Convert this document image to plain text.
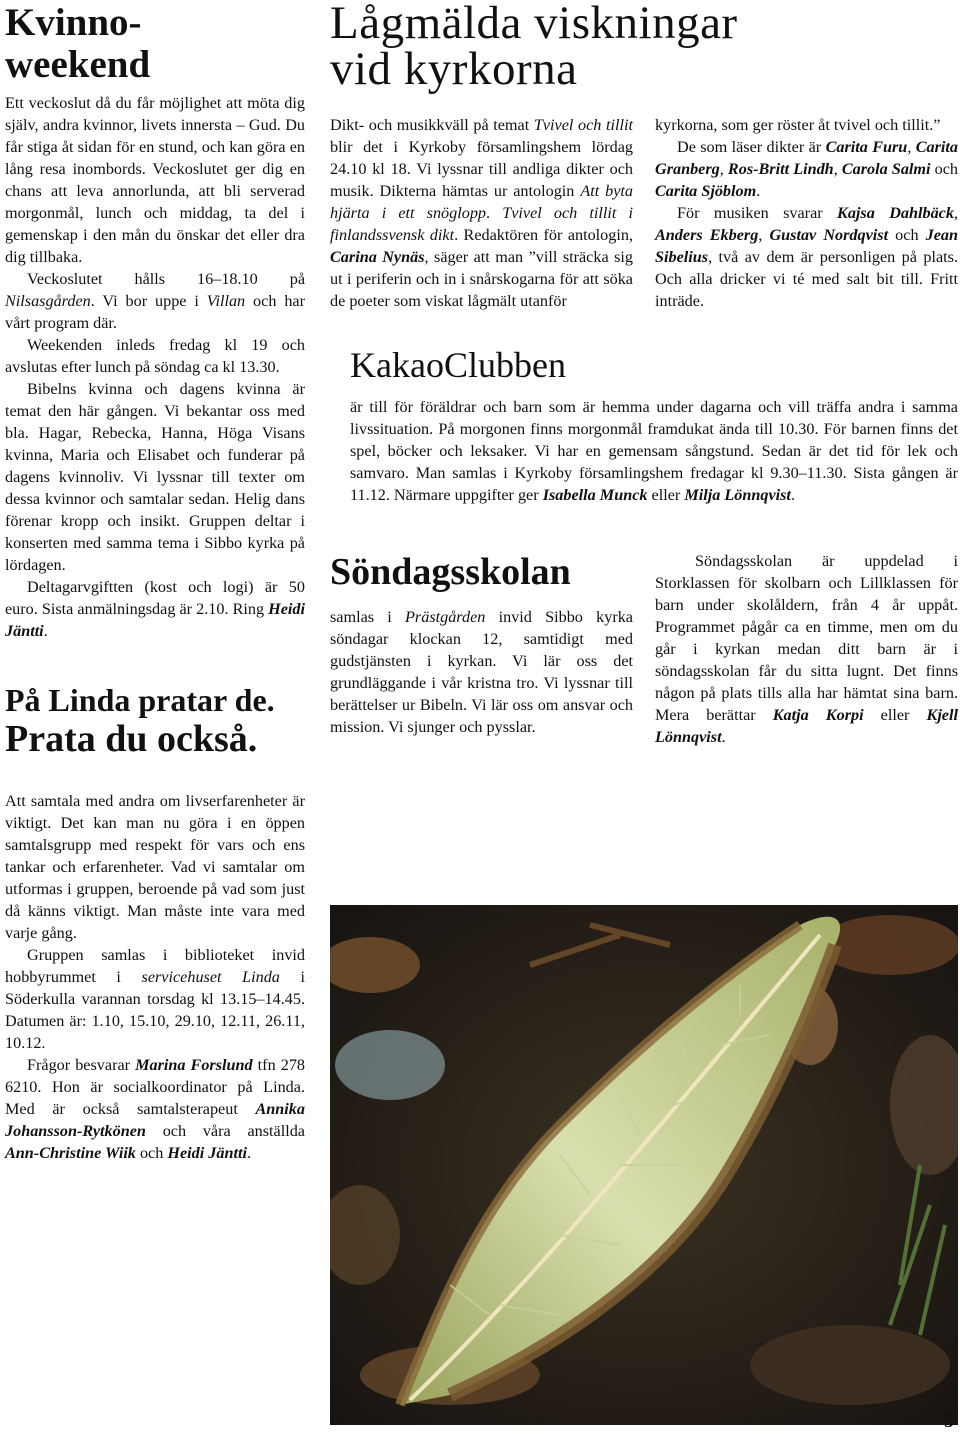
Kvinno-
weekend

Ett veckoslut då du får möjlighet att möta dig själv, andra kvinnor, livets innersta – Gud. Du får stiga åt sidan för en stund, och kan göra en lång resa inombords. Veckoslutet ger dig en chans att leva annorlunda, att bli serverad morgonmål, lunch och middag, ta del i gemenskap i den mån du önskar det eller dra dig tillbaka.

Veckoslutet hålls 16–18.10 på Nilsasgården. Vi bor uppe i Villan och har vårt program där.

Weekenden inleds fredag kl 19 och avslutas efter lunch på söndag ca kl 13.30.

Bibelns kvinna och dagens kvinna är temat den här gången. Vi bekantar oss med bla. Hagar, Rebecka, Hanna, Höga Visans kvinna, Maria och Elisabet och funderar på dagens kvinnoliv. Vi lyssnar till texter om dessa kvinnor och samtalar sedan. Helig dans förenar kropp och insikt. Gruppen deltar i konserten med samma tema i Sibbo kyrka på lördagen.

Deltagarvgiftten (kost och logi) är 50 euro. Sista anmälningsdag är 2.10. Ring Heidi Jäntti.

På Linda pratar de.
Prata du också.

Att samtala med andra om livserfarenheter är viktigt. Det kan man nu göra i en öppen samtalsgrupp med respekt för vars och ens tankar och erfarenheter. Vad vi samtalar om utformas i gruppen, beroende på vad som just då känns viktigt. Man måste inte vara med varje gång.

Gruppen samlas i biblioteket invid hobbyrummet i servicehuset Linda i Söderkulla varannan torsdag kl 13.15–14.45. Datumen är: 1.10, 15.10, 29.10, 12.11, 26.11, 10.12.

Frågor besvarar Marina Forslund tfn 278 6210. Hon är socialkoordinator på Linda. Med är också samtalsterapeut Annika Johansson-Rytkönen och våra anställda Ann-Christine Wiik och Heidi Jäntti.

Lågmälda viskningar
vid kyrkorna

Dikt- och musikkväll på temat Tvivel och tillit blir det i Kyrkoby församlingshem lördag 24.10 kl 18. Vi lyssnar till andliga dikter och musik. Dikterna hämtas ur antologin Att byta hjärta i ett snöglopp. Tvivel och tillit i finlandssvensk dikt. Redaktören för antologin, Carina Nynäs, säger att man ”vill sträcka sig ut i periferin och in i snårskogarna för att söka de poeter som viskat lågmält utanför

kyrkorna, som ger röster åt tvivel och tillit.”

De som läser dikter är Carita Furu, Carita Granberg, Ros-Britt Lindh, Carola Salmi och Carita Sjöblom.

För musiken svarar Kajsa Dahlbäck, Anders Ekberg, Gustav Nordqvist och Jean Sibelius, två av dem är personligen på plats. Och alla dricker vi té med salt bit till. Fritt inträde.

KakaoClubben

är till för föräldrar och barn som är hemma under dagarna och vill träffa andra i samma livssituation. På morgonen finns morgonmål framdukat ända till 10.30. För barnen finns det spel, böcker och leksaker. Vi har en gemensam sångstund. Sedan är det tid för lek och samvaro. Man samlas i Kyrkoby församlingshem fredagar kl 9.30–11.30. Sista gången är 11.12. Närmare uppgifter ger Isabella Munck eller Milja Lönnqvist.

Söndagsskolan

samlas i Prästgården invid Sibbo kyrka söndagar klockan 12, samtidigt med gudstjänsten i kyrkan. Vi lär oss det grundläggande i vår kristna tro. Vi lyssnar till berättelser ur Bibeln. Vi lär oss om ansvar och mission. Vi sjunger och pysslar.

Söndagsskolan är uppdelad i Storklassen för skolbarn och Lillklassen för barn under skolåldern, från 4 år uppåt. Programmet pågår ca en timme, men om du går i kyrkan medan ditt barn är i söndagsskolan får du sitta lugnt. Det finns någon på plats tills alla har hämtat sina barn. Mera berättar Katja Korpi eller Kjell Lönnqvist.

5
